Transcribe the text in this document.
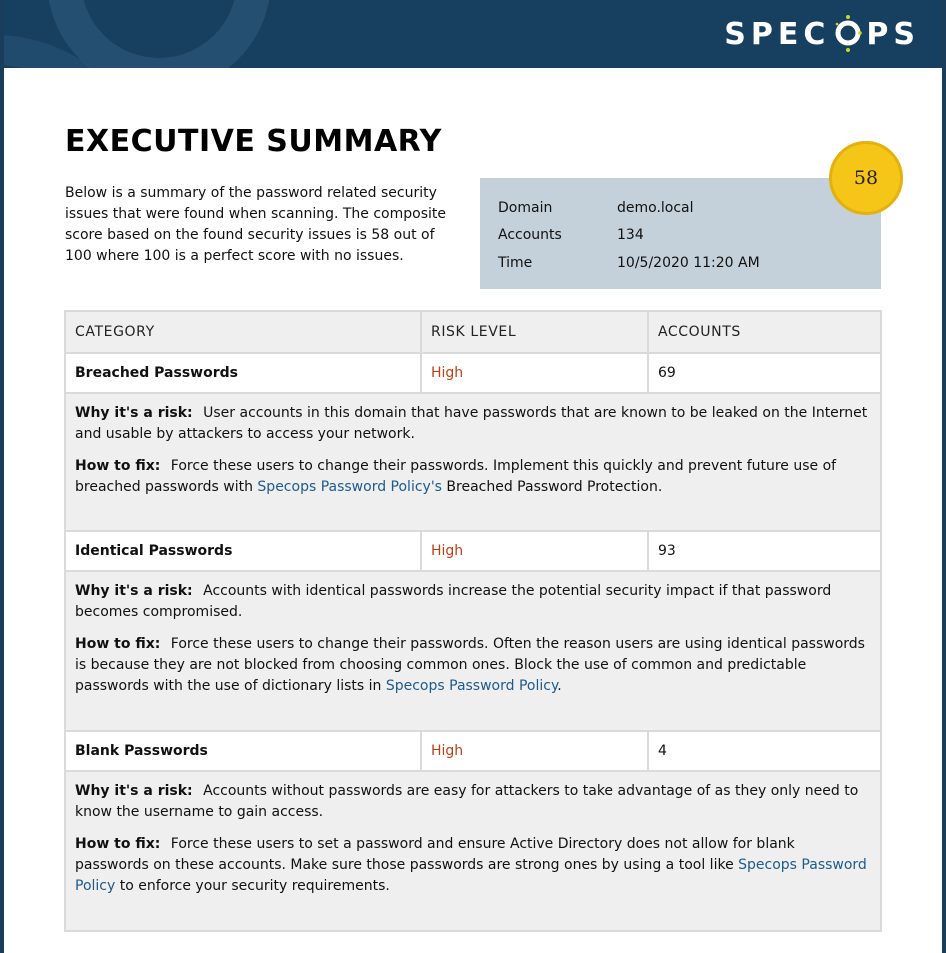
SPEC PS
EXECUTIVE SUMMARY
Below is a summary of the password related security issues that were found when scanning. The composite score based on the found security issues is 58 out of 100 where 100 is a perfect score with no issues.
Domain	demo.local
Accounts	134
Time	10/5/2020 11:20 AM
58
CATEGORY	RISK LEVEL	ACCOUNTS
Breached Passwords	High	69

Why it's a risk: User accounts in this domain that have passwords that are known to be leaked on the Internet and usable by attackers to access your network.

How to fix: Force these users to change their passwords. Implement this quickly and prevent future use of breached passwords with Specops Password Policy's Breached Password Protection.

Identical Passwords	High	93

Why it's a risk: Accounts with identical passwords increase the potential security impact if that password becomes compromised.

How to fix: Force these users to change their passwords. Often the reason users are using identical passwords is because they are not blocked from choosing common ones. Block the use of common and predictable passwords with the use of dictionary lists in Specops Password Policy.

Blank Passwords	High	4

Why it's a risk: Accounts without passwords are easy for attackers to take advantage of as they only need to know the username to gain access.

How to fix: Force these users to set a password and ensure Active Directory does not allow for blank passwords on these accounts. Make sure those passwords are strong ones by using a tool like Specops Password Policy to enforce your security requirements.
